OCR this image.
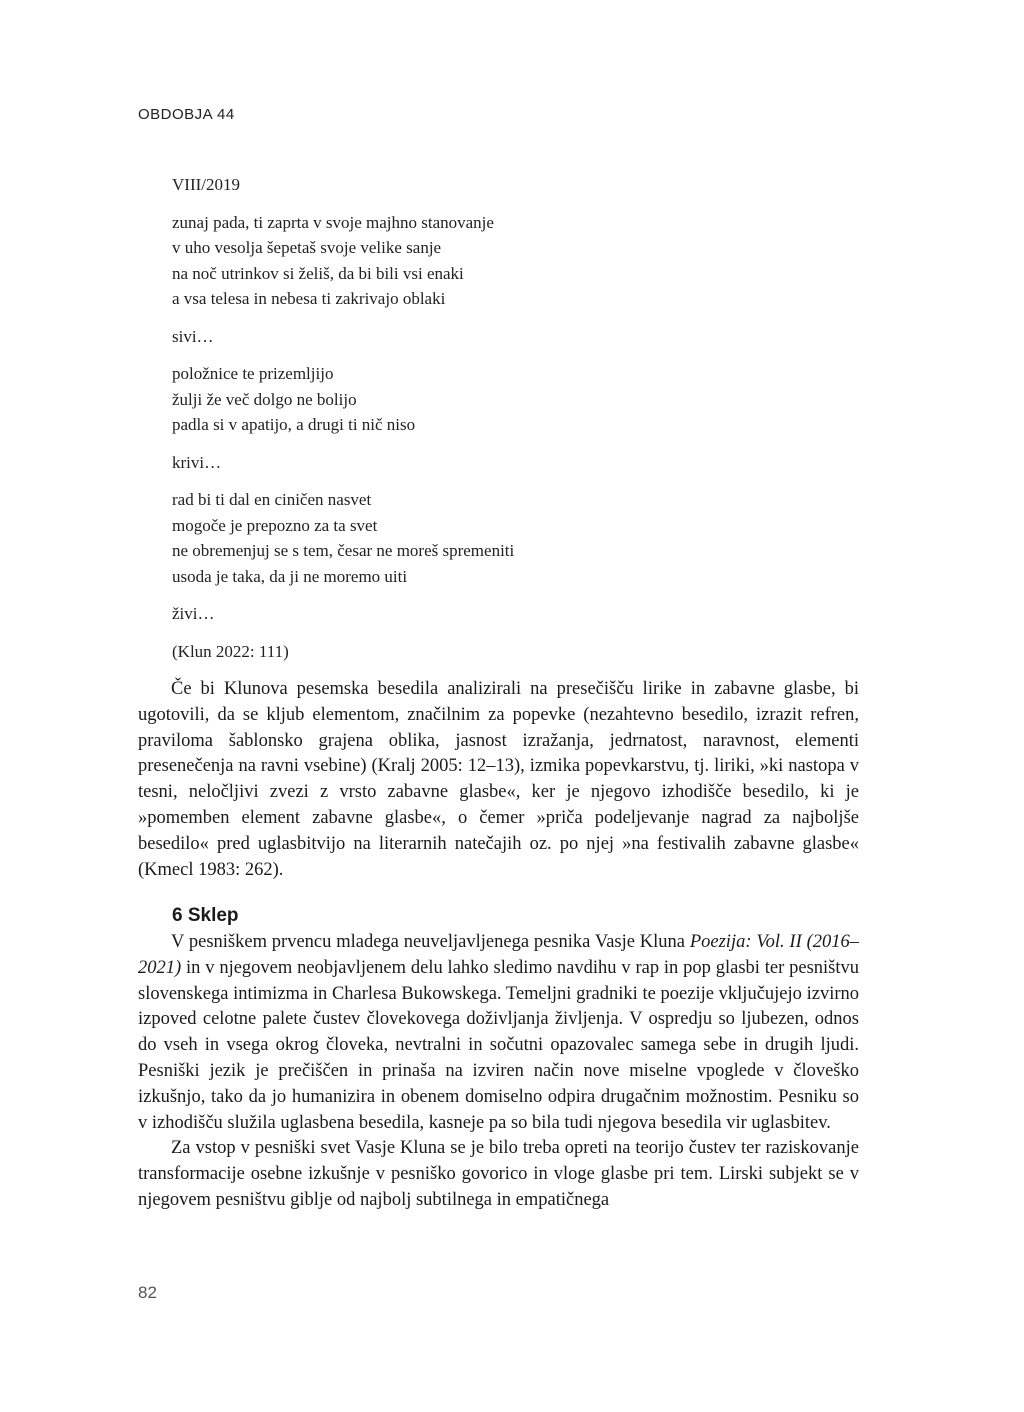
OBDOBJA 44
VIII/2019
zunaj pada, ti zaprta v svoje majhno stanovanje
v uho vesolja šepetaš svoje velike sanje
na noč utrinkov si želiš, da bi bili vsi enaki
a vsa telesa in nebesa ti zakrivajo oblaki
sivi…
položnice te prizemljijo
žulji že več dolgo ne bolijo
padla si v apatijo, a drugi ti nič niso
krivi…
rad bi ti dal en ciničen nasvet
mogoče je prepozno za ta svet
ne obremenjuj se s tem, česar ne moreš spremeniti
usoda je taka, da ji ne moremo uiti
živi…
(Klun 2022: 111)

Če bi Klunova pesemska besedila analizirali na presečišču lirike in zabavne glasbe, bi ugotovili, da se kljub elementom, značilnim za popevke (nezahtevno besedilo, izrazit refren, praviloma šablonsko grajena oblika, jasnost izražanja, jedrnatost, naravnost, elementi presenečenja na ravni vsebine) (Kralj 2005: 12–13), izmika popevkarstvu, tj. liriki, »ki nastopa v tesni, neločljivi zvezi z vrsto zabavne glasbe«, ker je njegovo izhodišče besedilo, ki je »pomemben element zabavne glasbe«, o čemer »priča podeljevanje nagrad za najboljše besedilo« pred uglasbitvijo na literarnih natečajih oz. po njej »na festivalih zabavne glasbe« (Kmecl 1983: 262).

6 Sklep

V pesniškem prvencu mladega neuveljavljenega pesnika Vasje Kluna Poezija: Vol. II (2016–2021) in v njegovem neobjavljenem delu lahko sledimo navdihu v rap in pop glasbi ter pesništvu slovenskega intimizma in Charlesa Bukowskega. Temeljni gradniki te poezije vključujejo izvirno izpoved celotne palete čustev človekovega doživljanja življenja. V ospredju so ljubezen, odnos do vseh in vsega okrog človeka, nevtralni in sočutni opazovalec samega sebe in drugih ljudi. Pesniški jezik je prečiščen in prinaša na izviren način nove miselne vpoglede v človeško izkušnjo, tako da jo humanizira in obenem domiselno odpira drugačnim možnostim. Pesniku so v izhodišču služila uglasbena besedila, kasneje pa so bila tudi njegova besedila vir uglasbitev.

Za vstop v pesniški svet Vasje Kluna se je bilo treba opreti na teorijo čustev ter raziskovanje transformacije osebne izkušnje v pesniško govorico in vloge glasbe pri tem. Lirski subjekt se v njegovem pesništvu giblje od najbolj subtilnega in empatičnega

82
